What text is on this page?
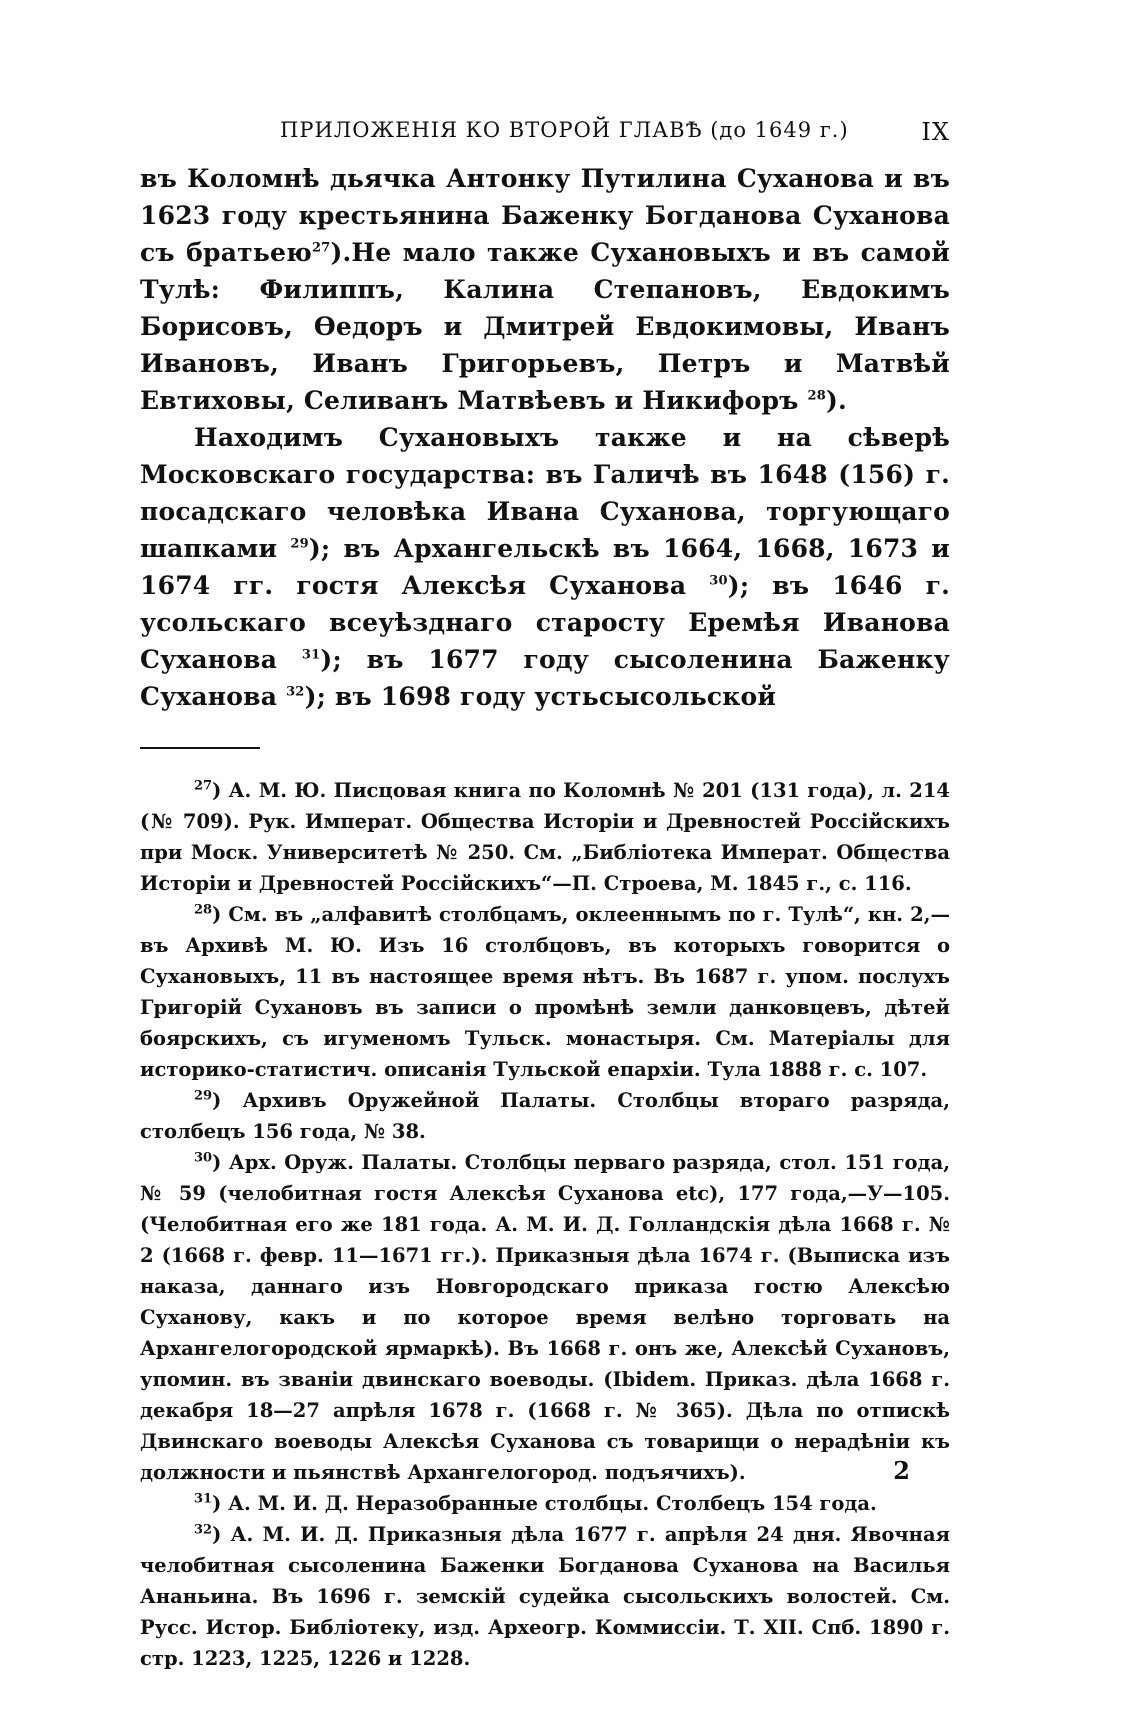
ПРИЛОЖЕНІЯ КО ВТОРОЙ ГЛАВѢ (до 1649 г.)	IX

въ Коломнѣ дьячка Антонку Путилина Суханова и въ 1623 году крестьянина Баженку Богданова Суханова съ братьею$^{27}$).Не мало также Сухановыхъ и въ самой Тулѣ: Филиппъ, Калина Степановъ, Евдокимъ Борисовъ, Ѳедоръ и Дмитрей Евдокимовы, Иванъ Ивановъ, Иванъ Григорьевъ, Петръ и Матвѣй Евтиховы, Селиванъ Матвѣевъ и Никифоръ $^{28}$).

Находимъ Сухановыхъ также и на сѣверѣ Московскаго государства: въ Галичѣ въ 1648 (156) г. посадскаго человѣка Ивана Суханова, торгующаго шапками $^{29}$); въ Архангельскѣ въ 1664, 1668, 1673 и 1674 гг. гостя Алексѣя Суханова $^{30}$); въ 1646 г. усольскаго всеуѣзднаго старосту Еремѣя Иванова Суханова $^{31}$); въ 1677 году сысоленина Баженку Суханова $^{32}$); въ 1698 году устьсысольской

$^{27}$) А. М. Ю. Писцовая книга по Коломнѣ № 201 (131 года), л. 214 (№ 709). Рук. Императ. Общества Исторіи и Древностей Россійскихъ при Моск. Университетѣ № 250. См. „Библіотека Императ. Общества Исторіи и Древностей Россійскихъ“—П. Строева, М. 1845 г., с. 116.

$^{28}$) См. въ „алфавитѣ столбцамъ, оклееннымъ по г. Тулѣ“, кн. 2,—въ Архивѣ М. Ю. Изъ 16 столбцовъ, въ которыхъ говорится о Сухановыхъ, 11 въ настоящее время нѣтъ. Въ 1687 г. упом. послухъ Григорій Сухановъ въ записи о промѣнѣ земли данковцевъ, дѣтей боярскихъ, съ игуменомъ Тульск. монастыря. См. Матеріалы для историко-статистич. описанія Тульской епархіи. Тула 1888 г. с. 107.

$^{29}$) Архивъ Оружейной Палаты. Столбцы втораго разряда, столбецъ 156 года, № 38.

$^{30}$) Арх. Оруж. Палаты. Столбцы перваго разряда, стол. 151 года, № 59 (челобитная гостя Алексѣя Суханова etc), 177 года,—У—105. (Челобитная его же 181 года. А. М. И. Д. Голландскія дѣла 1668 г. № 2 (1668 г. февр. 11—1671 гг.). Приказныя дѣла 1674 г. (Выписка изъ наказа, даннаго изъ Новгородскаго приказа гостю Алексѣю Суханову, какъ и по которое время велѣно торговать на Архангелогородской ярмаркѣ). Въ 1668 г. онъ же, Алексѣй Сухановъ, упомин. въ званіи двинскаго воеводы. (Ibidem. Приказ. дѣла 1668 г. декабря 18—27 апрѣля 1678 г. (1668 г. № 365). Дѣла по отпискѣ Двинскаго воеводы Алексѣя Суханова съ товарищи о нерадѣніи къ должности и пьянствѣ Архангелогород. подъячихъ).

$^{31}$) А. М. И. Д. Неразобранные столбцы. Столбецъ 154 года.

$^{32}$) А. М. И. Д. Приказныя дѣла 1677 г. апрѣля 24 дня. Явочная челобитная сысоленина Баженки Богданова Суханова на Василья Ананьина. Въ 1696 г. земскій судейка сысольскихъ волостей. См. Русс. Истор. Библіотеку, изд. Археогр. Коммиссіи. Т. XII. Спб. 1890 г. стр. 1223, 1225, 1226 и 1228.

2
